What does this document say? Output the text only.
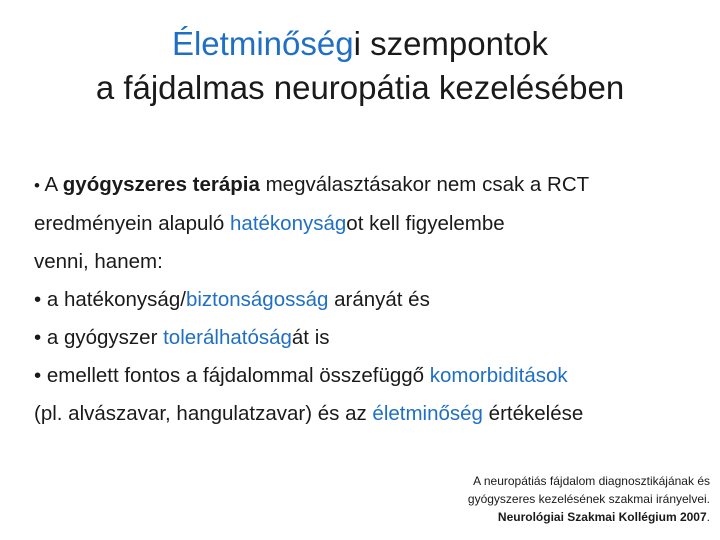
Életminőségi szempontok
a fájdalmas neuropátia kezelésében

• A gyógyszeres terápia megválasztásakor nem csak a RCT

eredményein alapuló hatékonyságot kell figyelembe

venni, hanem:

• a hatékonyság/biztonságosság arányát és

• a gyógyszer tolerálhatóságát is

• emellett fontos a fájdalommal összefüggő komorbiditások

(pl. alvászavar, hangulatzavar) és az életminőség értékelése

A neuropátiás fájdalom diagnosztikájának és
gyógyszeres kezelésének szakmai irányelvei.
Neurológiai Szakmai Kollégium 2007.
